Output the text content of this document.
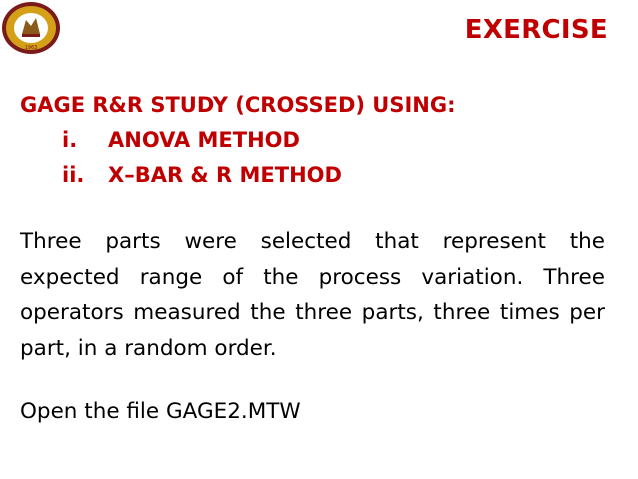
1963
EXERCISE
GAGE R&R STUDY (CROSSED) USING:
i.	ANOVA METHOD
ii.	X–BAR & R METHOD

Three parts were selected that represent the expected range of the process variation. Three operators measured the three parts, three times per part, in a random order.

Open the file GAGE2.MTW
